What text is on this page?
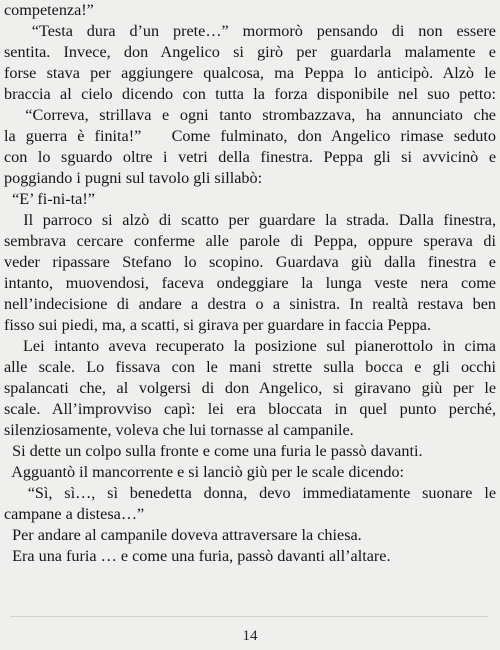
competenza!”
“Testa dura d’un prete…” mormorò pensando di non essere
sentita. Invece, don Angelico si girò per guardarla malamente e
forse stava per aggiungere qualcosa, ma Peppa lo anticipò. Alzò le
braccia al cielo dicendo con tutta la forza disponibile nel suo petto:
“Correva, strillava e ogni tanto strombazzava, ha annunciato che
la guerra è finita!”   Come fulminato, don Angelico rimase seduto
con lo sguardo oltre i vetri della finestra. Peppa gli si avvicinò e
poggiando i pugni sul tavolo gli sillabò:
“E’ fi-ni-ta!”
Il parroco si alzò di scatto per guardare la strada. Dalla finestra,
sembrava cercare conferme alle parole di Peppa, oppure sperava di
veder ripassare Stefano lo scopino. Guardava giù dalla finestra e
intanto, muovendosi, faceva ondeggiare la lunga veste nera come
nell’indecisione di andare a destra o a sinistra. In realtà restava ben
fisso sui piedi, ma, a scatti, si girava per guardare in faccia Peppa.
Lei intanto aveva recuperato la posizione sul pianerottolo in cima
alle scale. Lo fissava con le mani strette sulla bocca e gli occhi
spalancati che, al volgersi di don Angelico, si giravano giù per le
scale. All’improvviso capì: lei era bloccata in quel punto perché,
silenziosamente, voleva che lui tornasse al campanile.
Si dette un colpo sulla fronte e come una furia le passò davanti.
Agguantò il mancorrente e si lanciò giù per le scale dicendo:
“Sì, sì…, sì benedetta donna, devo immediatamente suonare le
campane a distesa…”
Per andare al campanile doveva attraversare la chiesa.
Era una furia … e come una furia, passò davanti all’altare.
14
